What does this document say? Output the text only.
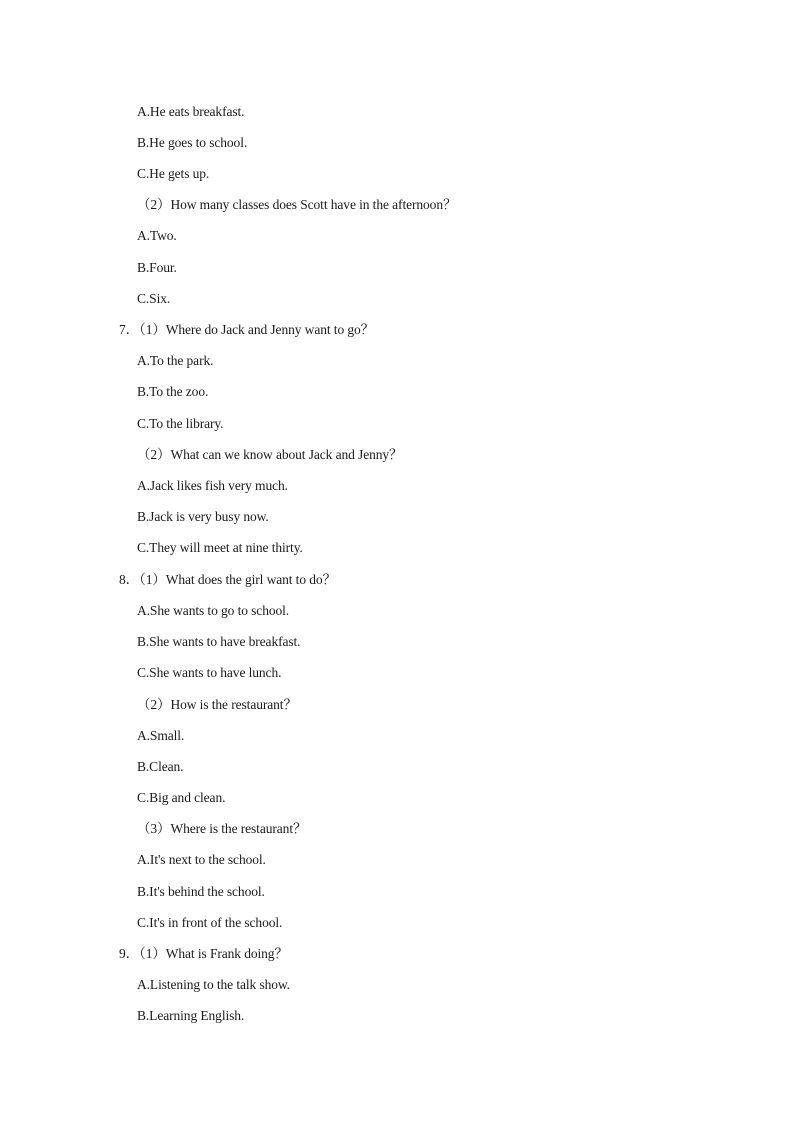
A.He eats breakfast.
B.He goes to school.
C.He gets up.
（2）How many classes does Scott have in the afternoon？
A.Two.
B.Four.
C.Six.
7．（1）Where do Jack and Jenny want to go？
A.To the park.
B.To the zoo.
C.To the library.
（2）What can we know about Jack and Jenny？
A.Jack likes fish very much.
B.Jack is very busy now.
C.They will meet at nine thirty.
8．（1）What does the girl want to do？
A.She wants to go to school.
B.She wants to have breakfast.
C.She wants to have lunch.
（2）How is the restaurant？
A.Small.
B.Clean.
C.Big and clean.
（3）Where is the restaurant？
A.It's next to the school.
B.It's behind the school.
C.It's in front of the school.
9．（1）What is Frank doing？
A.Listening to the talk show.
B.Learning English.
